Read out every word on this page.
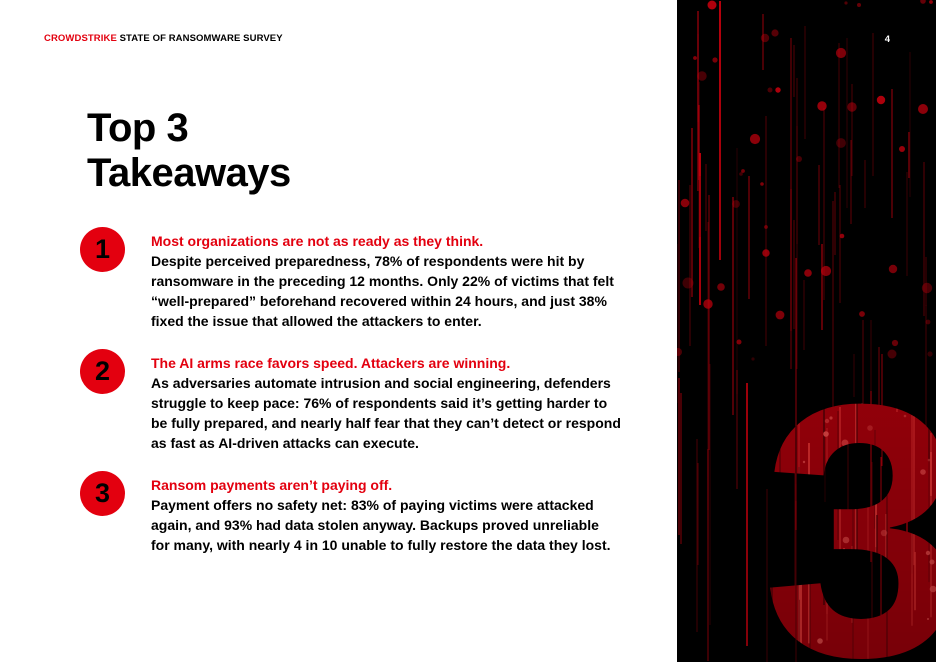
CROWDSTRIKE STATE OF RANSOMWARE SURVEY
Top 3
Takeaways
1	Most organizations are not as ready as they think.
Despite perceived preparedness, 78% of respondents were hit by ransomware in the preceding 12 months. Only 22% of victims that felt “well-prepared” beforehand recovered within 24 hours, and just 38% fixed the issue that allowed the attackers to enter.
2	The AI arms race favors speed. Attackers are winning.
As adversaries automate intrusion and social engineering, defenders struggle to keep pace: 76% of respondents said it’s getting harder to be fully prepared, and nearly half fear that they can’t detect or respond as fast as AI-driven attacks can execute.
3	Ransom payments aren’t paying off.
Payment offers no safety net: 83% of paying victims were attacked again, and 93% had data stolen anyway. Backups proved unreliable for many, with nearly 4 in 10 unable to fully restore the data they lost.
4
